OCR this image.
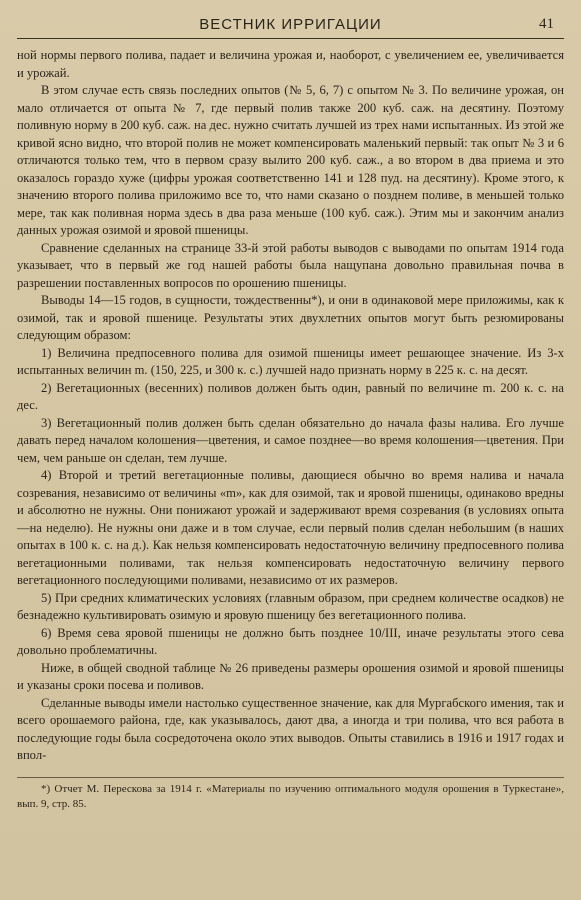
ВЕСТНИК ИРРИГАЦИИ	41

ной нормы первого полива, падает и величина урожая и, наоборот, с увеличением ее, увеличивается и урожай.

В этом случае есть связь последних опытов (№ 5, 6, 7) с опытом № 3. По величине урожая, он мало отличается от опыта № 7, где первый полив также 200 куб. саж. на десятину. Поэтому поливную норму в 200 куб. саж. на дес. нужно считать лучшей из трех нами испытанных. Из этой же кривой ясно видно, что второй полив не может компенсировать маленький первый: так опыт № 3 и 6 отличаются только тем, что в первом сразу вылито 200 куб. саж., а во втором в два приема и это оказалось гораздо хуже (цифры урожая соответственно 141 и 128 пуд. на десятину). Кроме этого, к значению второго полива приложимо все то, что нами сказано о позднем поливе, в меньшей только мере, так как поливная норма здесь в два раза меньше (100 куб. саж.). Этим мы и закончим анализ данных урожая озимой и яровой пшеницы.

Сравнение сделанных на странице 33-й этой работы выводов с выводами по опытам 1914 года указывает, что в первый же год нашей работы была нащупана довольно правильная почва в разрешении поставленных вопросов по орошению пшеницы.

Выводы 14—15 годов, в сущности, тождественны*), и они в одинаковой мере приложимы, как к озимой, так и яровой пшенице. Результаты этих двухлетних опытов могут быть резюмированы следующим образом:

1) Величина предпосевного полива для озимой пшеницы имеет решающее значение. Из 3-х испытанных величин m. (150, 225, и 300 к. с.) лучшей надо признать норму в 225 к. с. на десят.

2) Вегетационных (весенних) поливов должен быть один, равный по величине m. 200 к. с. на дес.

3) Вегетационный полив должен быть сделан обязательно до начала фазы налива. Его лучше давать перед началом колошения—цветения, и самое позднее—во время колошения—цветения. При чем, чем раньше он сделан, тем лучше.

4) Второй и третий вегетационные поливы, дающиеся обычно во время налива и начала созревания, независимо от величины «m», как для озимой, так и яровой пшеницы, одинаково вредны и абсолютно не нужны. Они понижают урожай и задерживают время созревания (в условиях опыта—на неделю). Не нужны они даже и в том случае, если первый полив сделан небольшим (в наших опытах в 100 к. с. на д.). Как нельзя компенсировать недостаточную величину предпосевного полива вегетационными поливами, так нельзя компенсировать недостаточную величину первого вегетационного последующими поливами, независимо от их размеров.

5) При средних климатических условиях (главным образом, при среднем количестве осадков) не безнадежно культивировать озимую и яровую пшеницу без вегетационного полива.

6) Время сева яровой пшеницы не должно быть позднее 10/III, иначе результаты этого сева довольно проблематичны.

Ниже, в общей сводной таблице № 26 приведены размеры орошения озимой и яровой пшеницы и указаны сроки посева и поливов.

Сделанные выводы имели настолько существенное значение, как для Мургабского имения, так и всего орошаемого района, где, как указывалось, дают два, а иногда и три полива, что вся работа в последующие годы была сосредоточена около этих выводов. Опыты ставились в 1916 и 1917 годах и впол-

*) Отчет М. Перескова за 1914 г. «Материалы по изучению оптимального модуля орошения в Туркестане», вып. 9, стр. 85.
